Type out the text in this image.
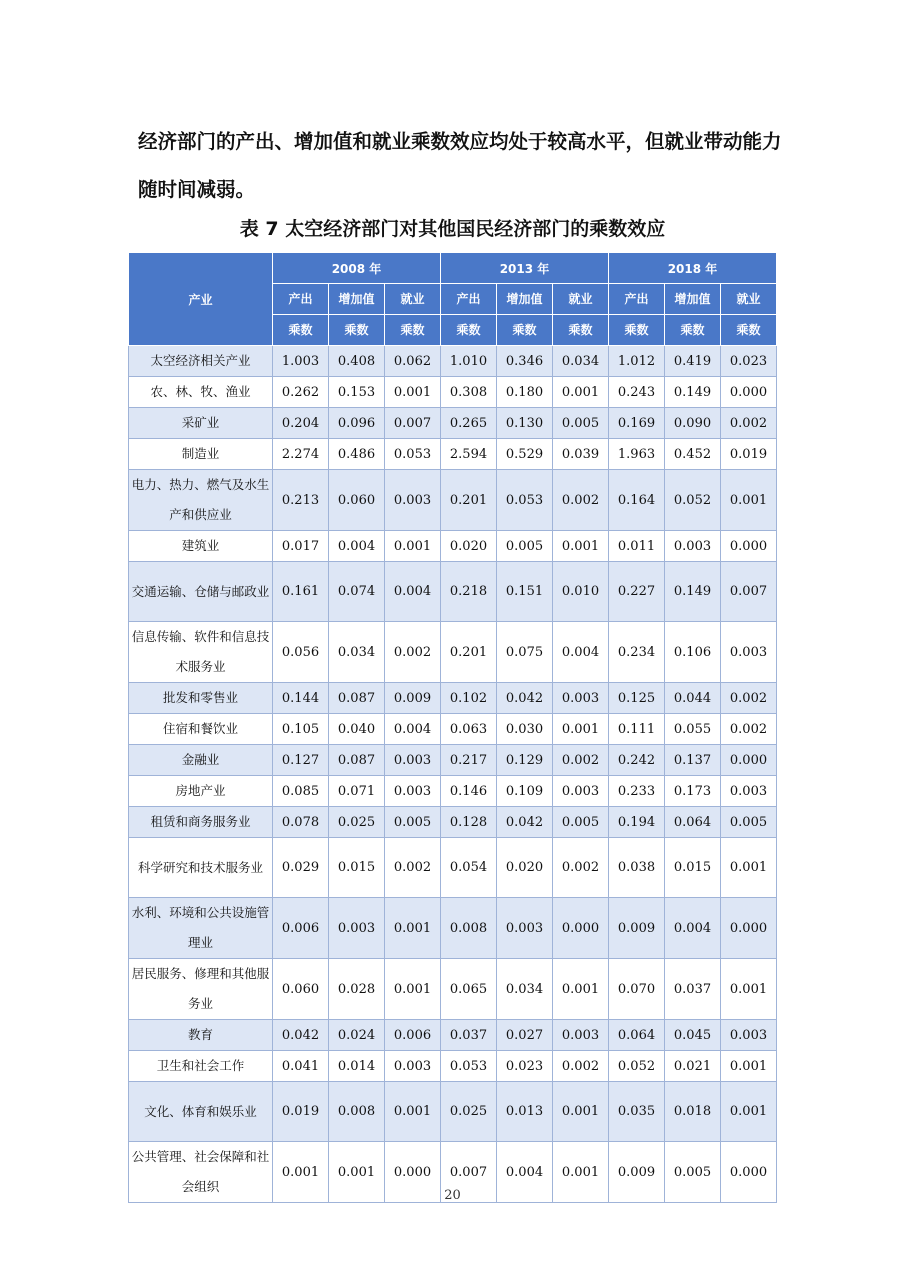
经济部门的产出、增加值和就业乘数效应均处于较高水平，但就业带动能力随时间减弱。
表 7 太空经济部门对其他国民经济部门的乘数效应
产业	2008 年			2013 年			2018 年		
	产出	增加值	就业	产出	增加值	就业	产出	增加值	就业
	乘数	乘数	乘数	乘数	乘数	乘数	乘数	乘数	乘数
太空经济相关产业	1.003	0.408	0.062	1.010	0.346	0.034	1.012	0.419	0.023
农、林、牧、渔业	0.262	0.153	0.001	0.308	0.180	0.001	0.243	0.149	0.000
采矿业	0.204	0.096	0.007	0.265	0.130	0.005	0.169	0.090	0.002
制造业	2.274	0.486	0.053	2.594	0.529	0.039	1.963	0.452	0.019
电力、热力、燃气及水生产和供应业	0.213	0.060	0.003	0.201	0.053	0.002	0.164	0.052	0.001
建筑业	0.017	0.004	0.001	0.020	0.005	0.001	0.011	0.003	0.000
交通运输、仓储与邮政业	0.161	0.074	0.004	0.218	0.151	0.010	0.227	0.149	0.007
信息传输、软件和信息技术服务业	0.056	0.034	0.002	0.201	0.075	0.004	0.234	0.106	0.003
批发和零售业	0.144	0.087	0.009	0.102	0.042	0.003	0.125	0.044	0.002
住宿和餐饮业	0.105	0.040	0.004	0.063	0.030	0.001	0.111	0.055	0.002
金融业	0.127	0.087	0.003	0.217	0.129	0.002	0.242	0.137	0.000
房地产业	0.085	0.071	0.003	0.146	0.109	0.003	0.233	0.173	0.003
租赁和商务服务业	0.078	0.025	0.005	0.128	0.042	0.005	0.194	0.064	0.005
科学研究和技术服务业	0.029	0.015	0.002	0.054	0.020	0.002	0.038	0.015	0.001
水利、环境和公共设施管理业	0.006	0.003	0.001	0.008	0.003	0.000	0.009	0.004	0.000
居民服务、修理和其他服务业	0.060	0.028	0.001	0.065	0.034	0.001	0.070	0.037	0.001
教育	0.042	0.024	0.006	0.037	0.027	0.003	0.064	0.045	0.003
卫生和社会工作	0.041	0.014	0.003	0.053	0.023	0.002	0.052	0.021	0.001
文化、体育和娱乐业	0.019	0.008	0.001	0.025	0.013	0.001	0.035	0.018	0.001
公共管理、社会保障和社会组织	0.001	0.001	0.000	0.007	0.004	0.001	0.009	0.005	0.000
20
